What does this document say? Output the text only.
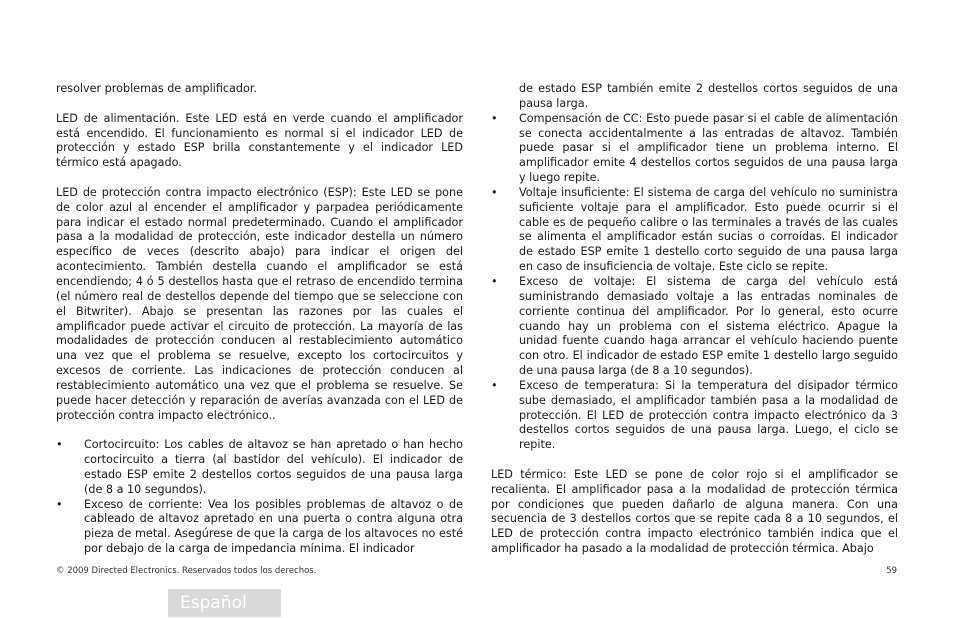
resolver problemas de amplificador.

LED de alimentación. Este LED está en verde cuando el amplificador está encendido. El funcionamiento es normal si el indicador LED de protección y estado ESP brilla constantemente y el indicador LED térmico está apagado.

LED de protección contra impacto electrónico (ESP): Este LED se pone de color azul al encender el amplificador y parpadea periódicamente para indicar el estado normal predeterminado. Cuando el amplificador pasa a la modalidad de protección, este indicador destella un número específico de veces (descrito abajo) para indicar el origen del acontecimiento. También destella cuando el amplificador se está encendiendo; 4 ó 5 destellos hasta que el retraso de encendido termina (el número real de destellos depende del tiempo que se seleccione con el Bitwriter). Abajo se presentan las razones por las cuales el amplificador puede activar el circuito de protección. La mayoría de las modalidades de protección conducen al restablecimiento automático una vez que el problema se resuelve, excepto los cortocircuitos y excesos de corriente. Las indicaciones de protección conducen al restablecimiento automático una vez que el problema se resuelve. Se puede hacer detección y reparación de averías avanzada con el LED de protección contra impacto electrónico..

• Cortocircuito: Los cables de altavoz se han apretado o han hecho cortocircuito a tierra (al bastidor del vehículo). El indicador de estado ESP emite 2 destellos cortos seguidos de una pausa larga (de 8 a 10 segundos).
• Exceso de corriente: Vea los posibles problemas de altavoz o de cableado de altavoz apretado en una puerta o contra alguna otra pieza de metal. Asegúrese de que la carga de los altavoces no esté por debajo de la carga de impedancia mínima. El indicador

de estado ESP también emite 2 destellos cortos seguidos de una pausa larga.

• Compensación de CC: Esto puede pasar si el cable de alimentación se conecta accidentalmente a las entradas de altavoz. También puede pasar si el amplificador tiene un problema interno. El amplificador emite 4 destellos cortos seguidos de una pausa larga y luego repite.
• Voltaje insuficiente: El sistema de carga del vehículo no suministra suficiente voltaje para el amplificador. Esto puede ocurrir si el cable es de pequeño calibre o las terminales a través de las cuales se alimenta el amplificador están sucias o corroídas. El indicador de estado ESP emite 1 destello corto seguido de una pausa larga en caso de insuficiencia de voltaje. Este ciclo se repite.
• Exceso de voltaje: El sistema de carga del vehículo está suministrando demasiado voltaje a las entradas nominales de corriente continua del amplificador. Por lo general, esto ocurre cuando hay un problema con el sistema eléctrico. Apague la unidad fuente cuando haga arrancar el vehículo haciendo puente con otro. El indicador de estado ESP emite 1 destello largo seguido de una pausa larga (de 8 a 10 segundos).
• Exceso de temperatura: Si la temperatura del disipador térmico sube demasiado, el amplificador también pasa a la modalidad de protección. El LED de protección contra impacto electrónico da 3 destellos cortos seguidos de una pausa larga. Luego, el ciclo se repite.

LED térmico: Este LED se pone de color rojo si el amplificador se recalienta. El amplificador pasa a la modalidad de protección térmica por condiciones que pueden dañarlo de alguna manera. Con una secuencia de 3 destellos cortos que se repite cada 8 a 10 segundos, el LED de protección contra impacto electrónico también indica que el amplificador ha pasado a la modalidad de protección térmica. Abajo

© 2009 Directed Electronics. Reservados todos los derechos.	59
Español
